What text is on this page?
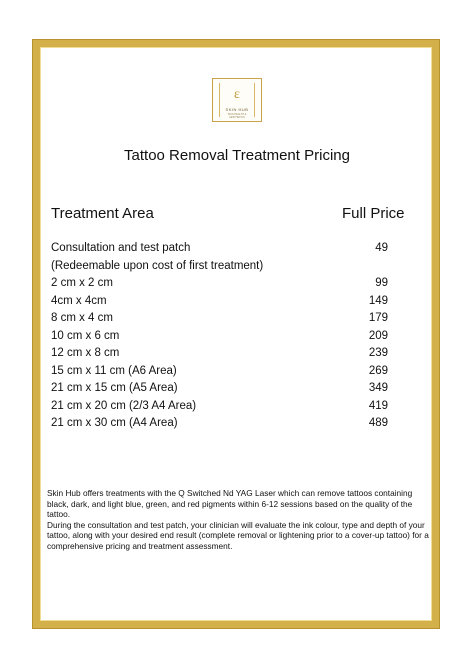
ε
SKIN HUB
SKIN HEALTH & AESTHETICS
Tattoo Removal Treatment Pricing
Treatment Area	Full Price
Consultation and test patch	49
(Redeemable upon cost of first treatment)
2 cm x 2 cm	99
4cm x 4cm	149
8 cm x 4 cm	179
10 cm x 6 cm	209
12 cm x 8 cm	239
15 cm x 11 cm (A6 Area)	269
21 cm x 15 cm (A5 Area)	349
21 cm x 20 cm (2/3 A4 Area)	419
21 cm x 30 cm (A4 Area)	489

Skin Hub offers treatments with the Q Switched Nd YAG Laser which can remove tattoos containing black, dark, and light blue, green, and red pigments within 6-12 sessions based on the quality of the tattoo.

During the consultation and test patch, your clinician will evaluate the ink colour, type and depth of your tattoo, along with your desired end result (complete removal or lightening prior to a cover-up tattoo) for a comprehensive pricing and treatment assessment.
